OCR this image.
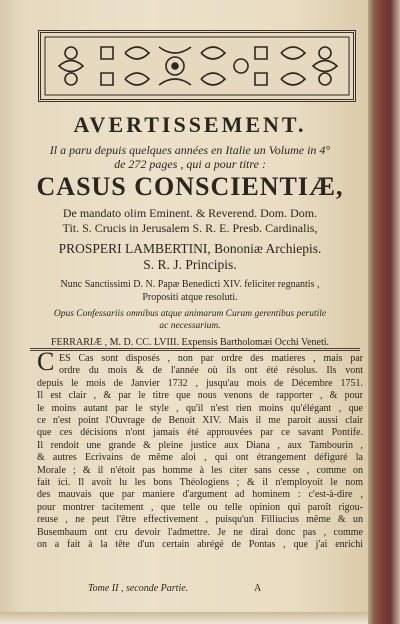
AVERTISSEMENT.
Il a paru depuis quelques années en Italie un Volume in 4°
de 272 pages , qui a pour titre :
CASUS CONSCIENTIÆ,
De mandato olim Eminent. & Reverend. Dom. Dom.
Tit. S. Crucis in Jerusalem S. R. E. Presb. Cardinalis,
PROSPERI LAMBERTINI, Bononiæ Archiepis.
S. R. J. Principis.
Nunc Sanctissimi D. N. Papæ Benedicti XIV. feliciter regnantis ,
Propositi atque resoluti.
Opus Confessariis omnibus atque animarum Curam gerentibus perutile
ac necessarium.
FERRARIÆ , M. D. CC. LVIII. Expensis Bartholomæi Occhi Veneti.
C ES Cas sont disposés , non par ordre des matieres , mais par
ordre du mois & de l'année où ils ont été résolus. Ils vont
depuis le mois de Janvier 1732 , jusqu'au mois de Décembre 1751.
Il est clair , & par le titre que nous venons de rapporter , & pour
le moins autant par le style , qu'il n'est rien moins qu'élégant , que
ce n'est point l'Ouvrage de Benoit XIV. Mais il me paroit aussi clair
que ces décisions n'ont jamais été approuvées par ce savant Pontife.
Il rendoit une grande & pleine justice aux Diana , aux Tambourin ,
& autres Ecrivains de même aloi , qui ont étrangement défiguré la
Morale ; & il n'étoit pas homme à les citer sans cesse , comme on
fait ici. Il avoit lu les bons Théologiens ; & il n'employoit le nom
des mauvais que par maniere d'argument ad hominem : c'est-à-dire ,
pour montrer tacitement , que telle ou telle opinion qui paroît rigou-
reuse , ne peut l'être effectivement , puisqu'un Filliucius même & un
Busembaum ont cru devoir l'admettre. Je ne dirai donc pas , comme
on a fait à la tête d'un certain abrégé de Pontas , que j'ai enrichi
Tome II , seconde Partie.	A
